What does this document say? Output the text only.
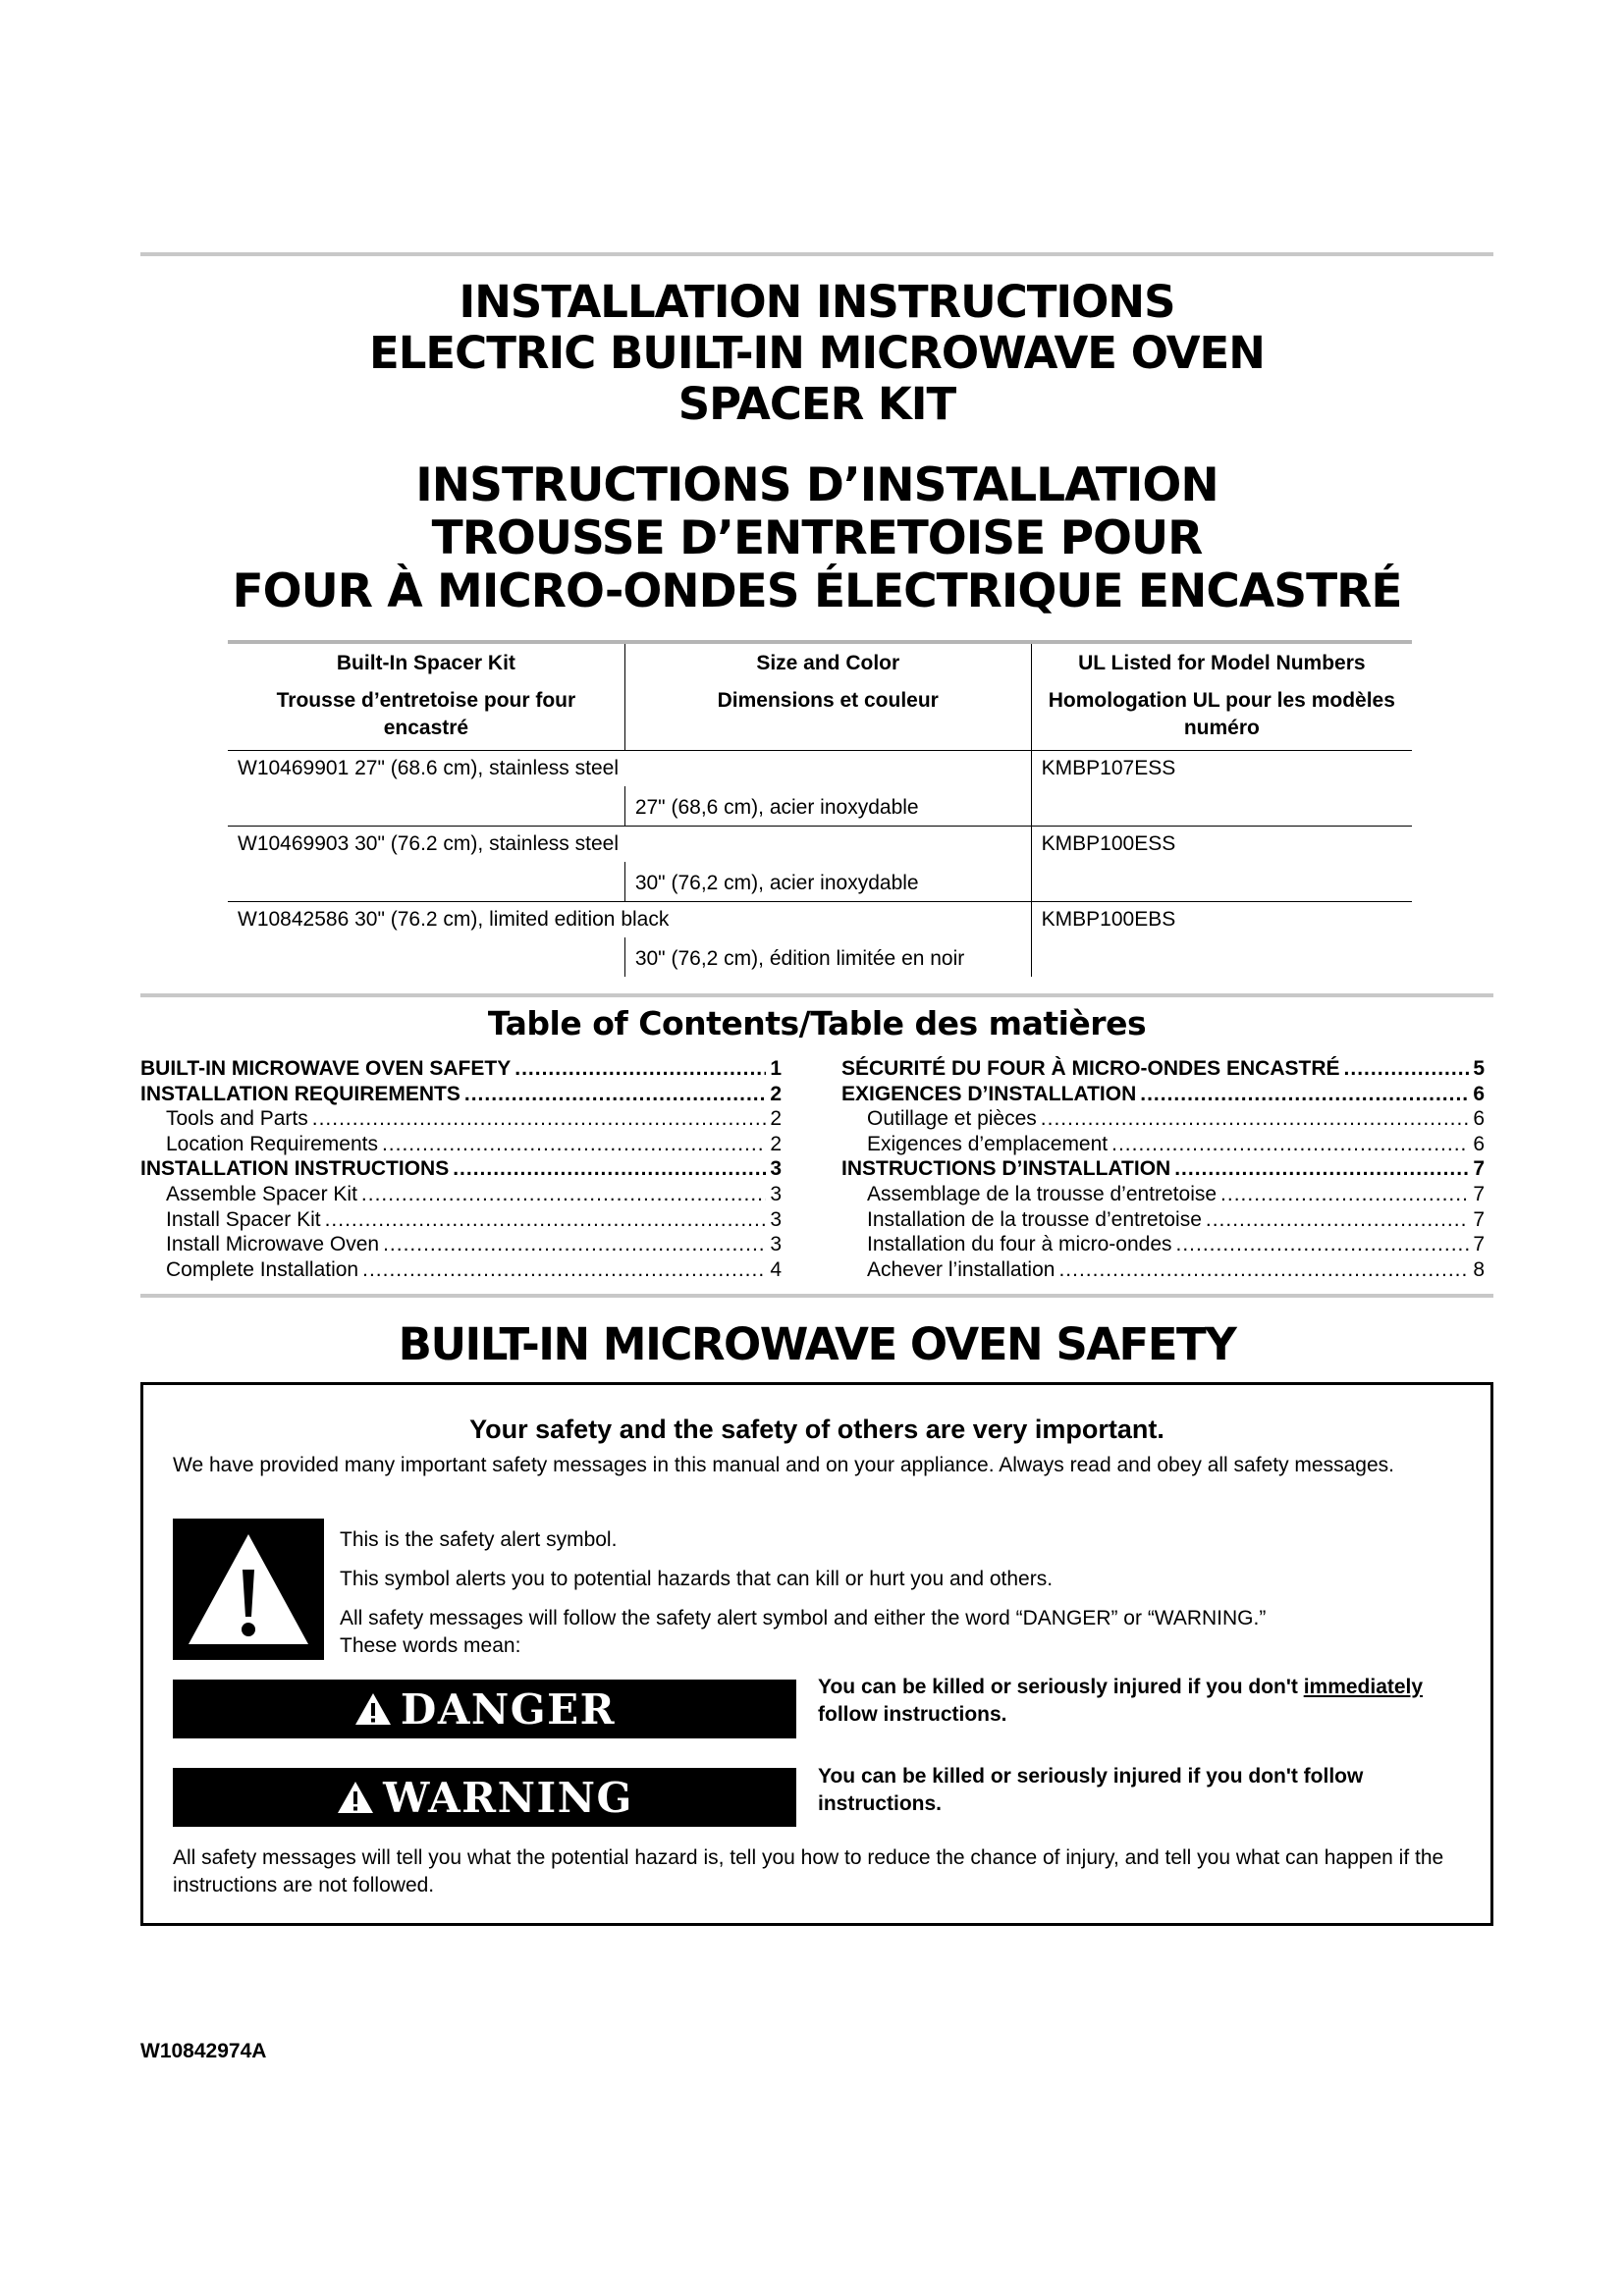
INSTALLATION INSTRUCTIONS
ELECTRIC BUILT-IN MICROWAVE OVEN
SPACER KIT
INSTRUCTIONS D’INSTALLATION
TROUSSE D’ENTRETOISE POUR
FOUR À MICRO-ONDES ÉLECTRIQUE ENCASTRÉ
Built-In Spacer Kit	Size and Color	UL Listed for Model Numbers
Trousse d’entretoise pour four encastré	Dimensions et couleur	Homologation UL pour les modèles numéro
W10469901 27" (68.6 cm), stainless steel		KMBP107ESS
	27" (68,6 cm), acier inoxydable	
W10469903 30" (76.2 cm), stainless steel		KMBP100ESS
	30" (76,2 cm), acier inoxydable	
W10842586 30" (76.2 cm), limited edition black		KMBP100EBS
	30" (76,2 cm), édition limitée en noir	
Table of Contents/Table des matières
BUILT-IN MICROWAVE OVEN SAFETY .....	1
INSTALLATION REQUIREMENTS .....	2
Tools and Parts .....	2
Location Requirements .....	2
INSTALLATION INSTRUCTIONS .....	3
Assemble Spacer Kit .....	3
Install Spacer Kit .....	3
Install Microwave Oven .....	3
Complete Installation .....	4
SÉCURITÉ DU FOUR À MICRO-ONDES ENCASTRÉ .....	5
EXIGENCES D’INSTALLATION .....	6
Outillage et pièces .....	6
Exigences d’emplacement .....	6
INSTRUCTIONS D’INSTALLATION .....	7
Assemblage de la trousse d’entretoise .....	7
Installation de la trousse d’entretoise .....	7
Installation du four à micro-ondes .....	7
Achever l’installation .....	8
BUILT-IN MICROWAVE OVEN SAFETY
Your safety and the safety of others are very important.
We have provided many important safety messages in this manual and on your appliance. Always read and obey all safety messages.
This is the safety alert symbol.
This symbol alerts you to potential hazards that can kill or hurt you and others.
All safety messages will follow the safety alert symbol and either the word “DANGER” or “WARNING.”
These words mean:
DANGER	You can be killed or seriously injured if you don't immediately follow instructions.
WARNING	You can be killed or seriously injured if you don't follow instructions.
All safety messages will tell you what the potential hazard is, tell you how to reduce the chance of injury, and tell you what can happen if the instructions are not followed.
W10842974A
